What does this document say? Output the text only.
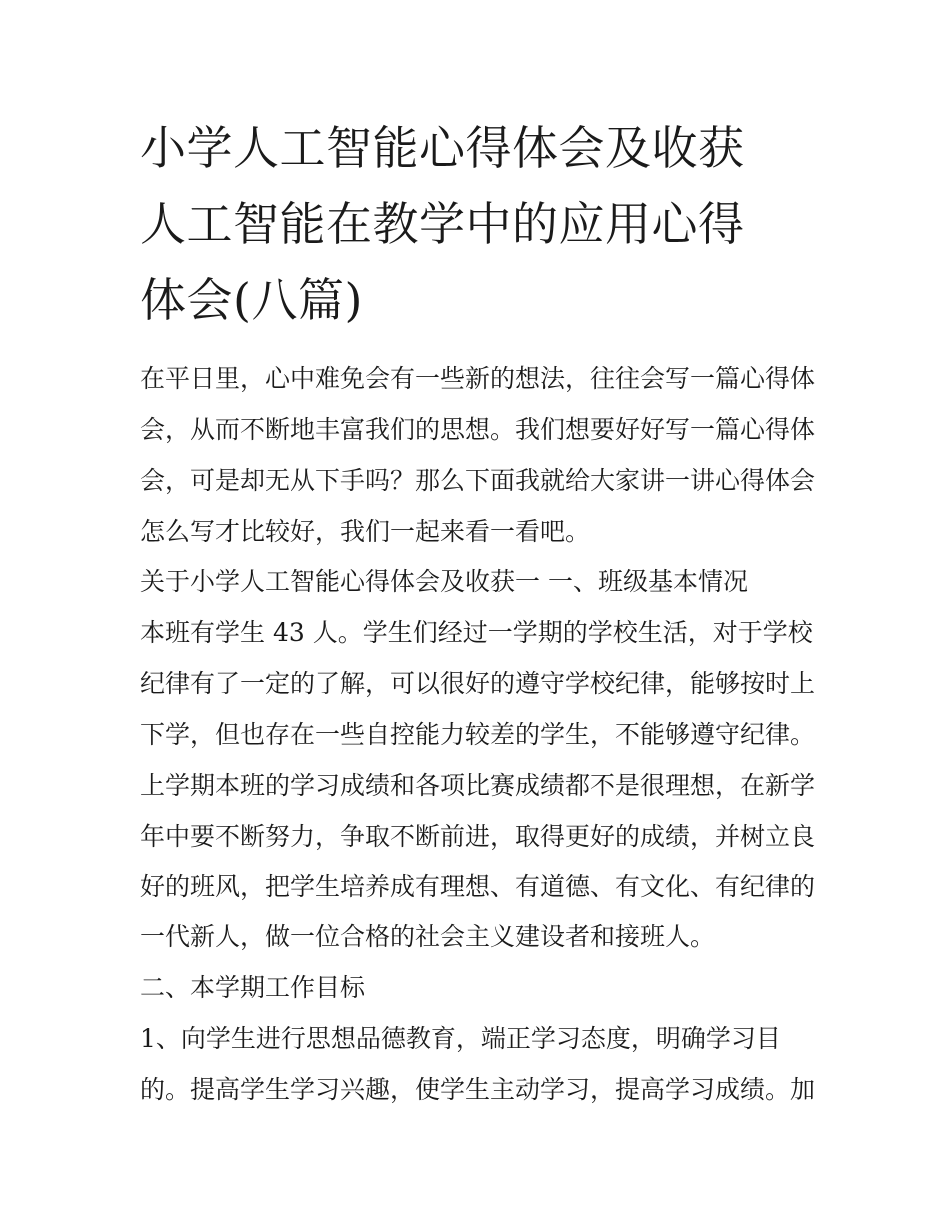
小学人工智能心得体会及收获
人工智能在教学中的应用心得
体会(八篇)

在平日里，心中难免会有一些新的想法，往往会写一篇心得体

会，从而不断地丰富我们的思想。我们想要好好写一篇心得体

会，可是却无从下手吗？那么下面我就给大家讲一讲心得体会

怎么写才比较好，我们一起来看一看吧。

关于小学人工智能心得体会及收获一 一、班级基本情况

本班有学生 43 人。学生们经过一学期的学校生活，对于学校

纪律有了一定的了解，可以很好的遵守学校纪律，能够按时上

下学，但也存在一些自控能力较差的学生，不能够遵守纪律。

上学期本班的学习成绩和各项比赛成绩都不是很理想，在新学

年中要不断努力，争取不断前进，取得更好的成绩，并树立良

好的班风，把学生培养成有理想、有道德、有文化、有纪律的

一代新人，做一位合格的社会主义建设者和接班人。

二、本学期工作目标

1、向学生进行思想品德教育，端正学习态度，明确学习目

的。提高学生学习兴趣，使学生主动学习，提高学习成绩。加
